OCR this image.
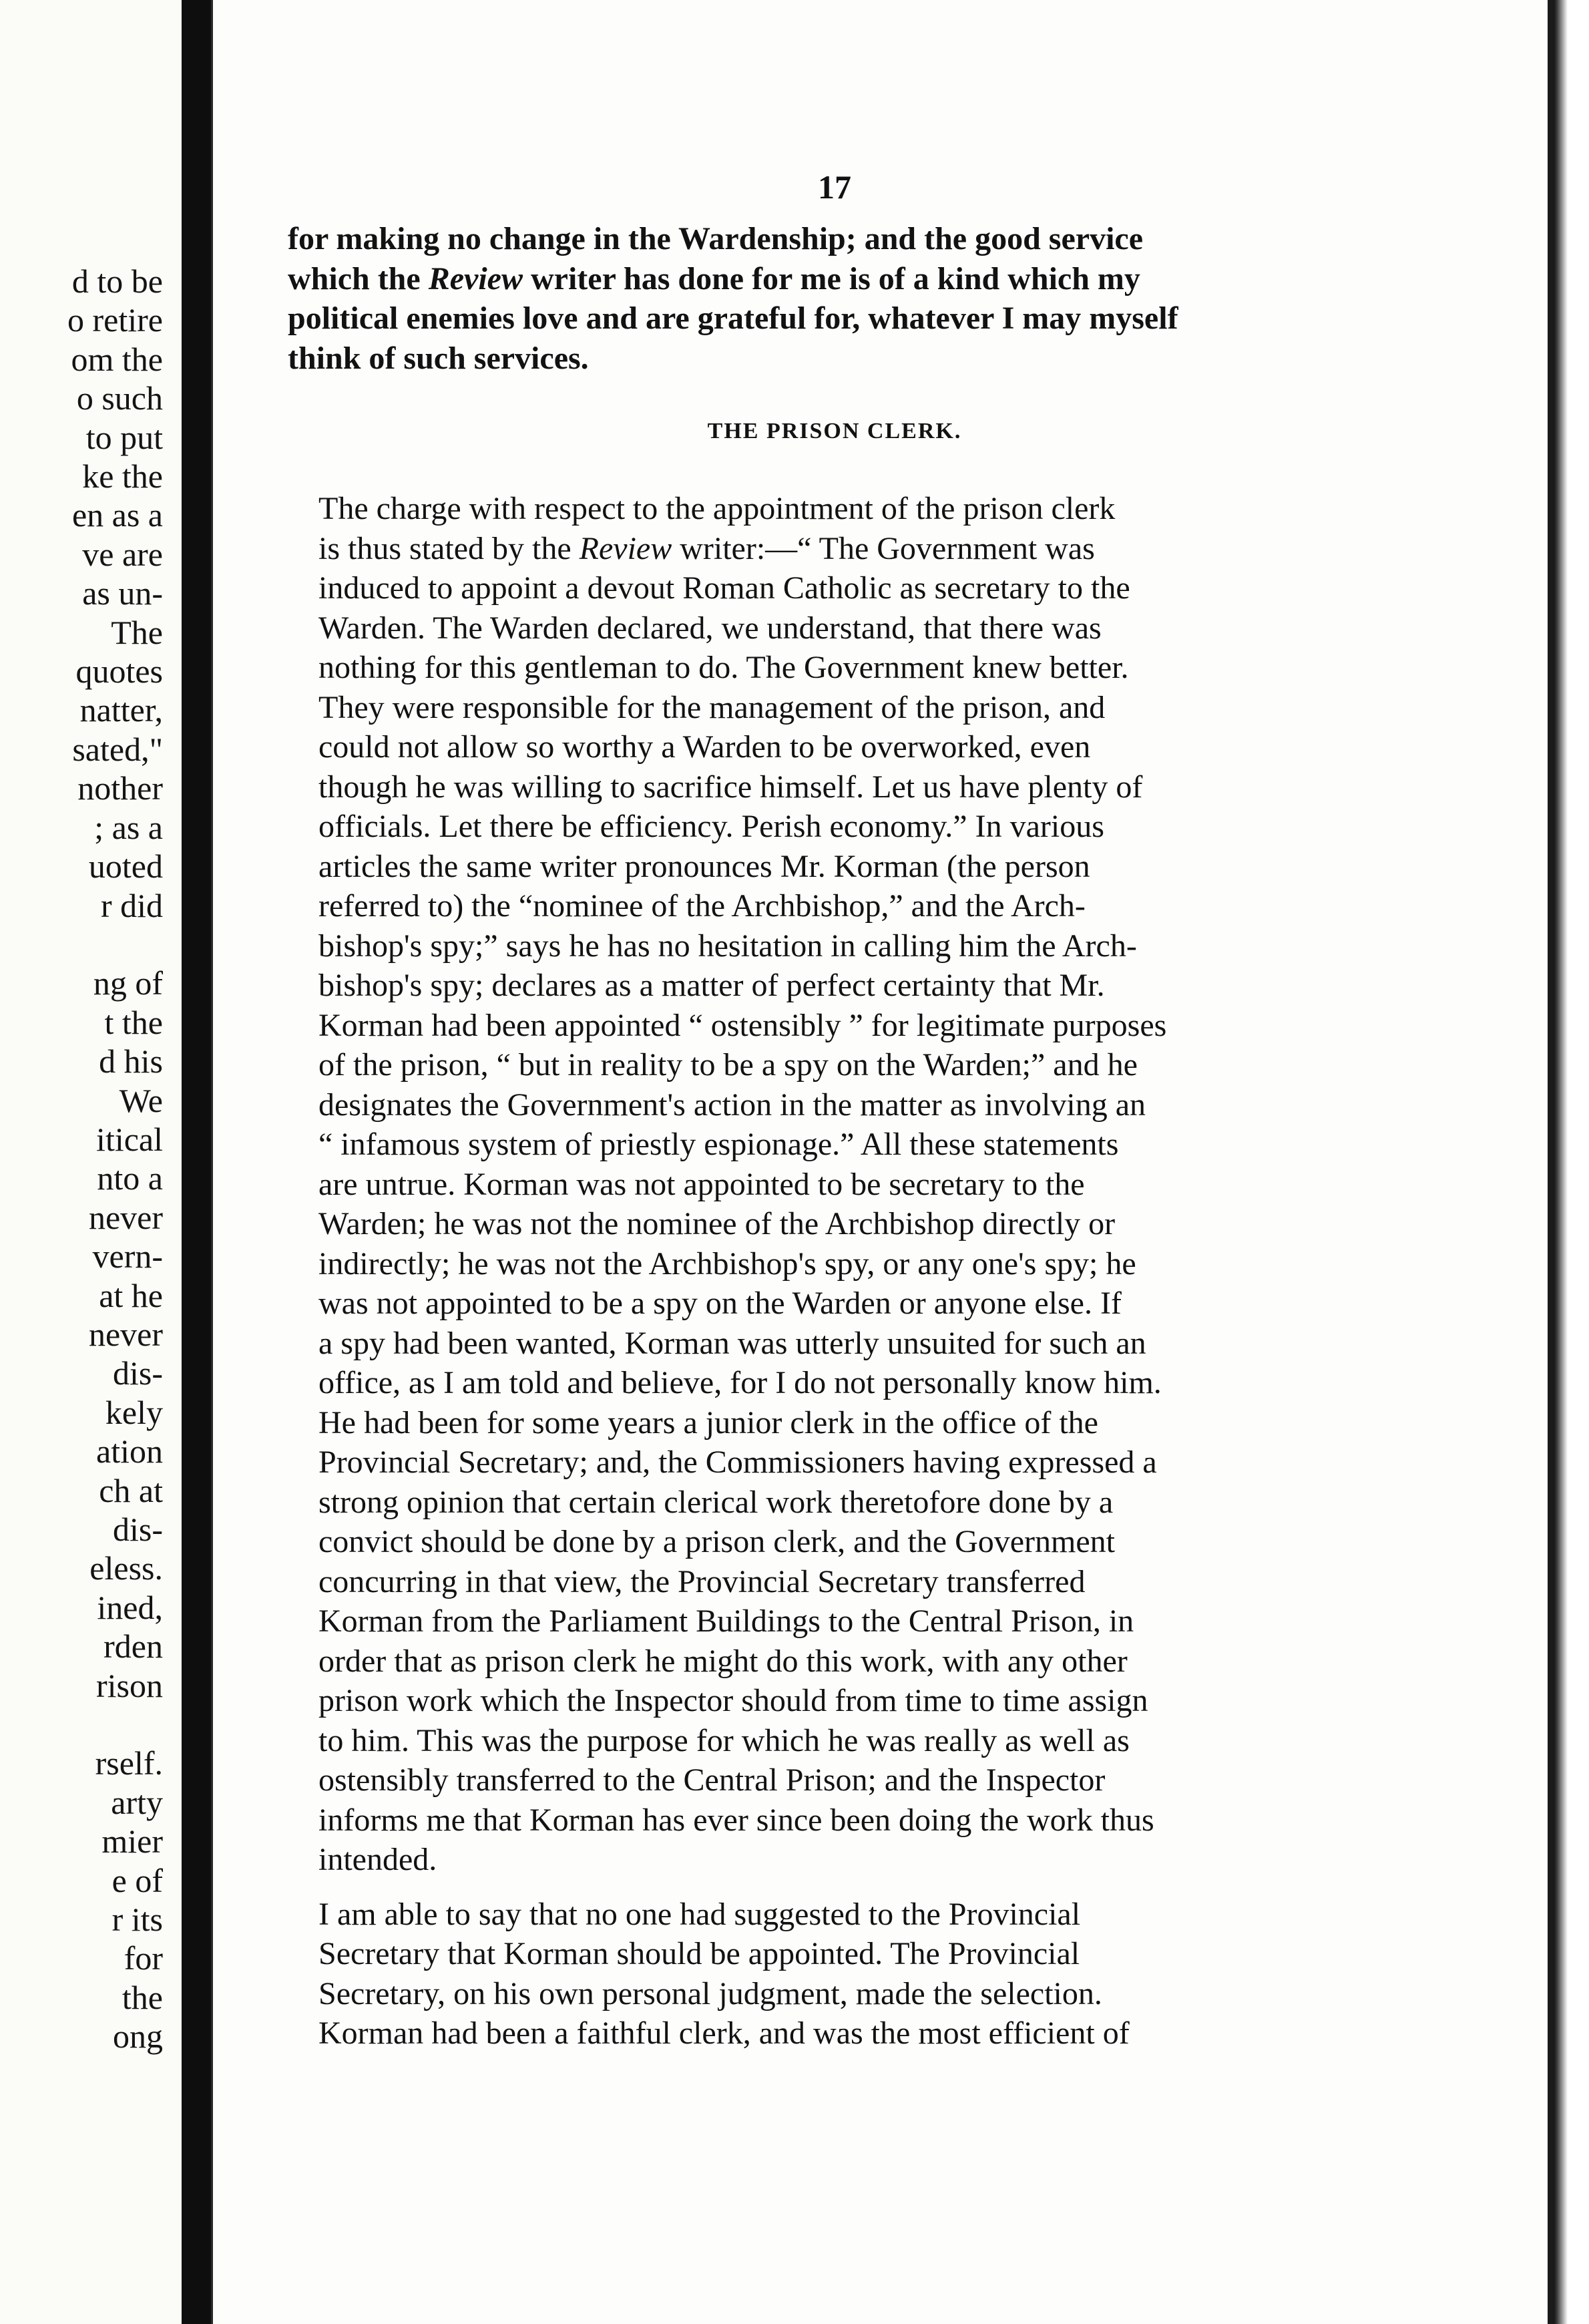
d to be
o retire
om the
o such
to put
ke the
en as a
ve are
as un-
The
quotes
natter,
sated,"
nother
; as a
uoted
r did

ng of
t the
d his
We
itical
nto a
never
vern-
at he
never
dis-
kely
ation
ch at
dis-
eless.
ined,
rden
rison

rself.
arty
mier
e of
r its
for
the
ong
17

for making no change in the Wardenship; and the good service
which the Review writer has done for me is of a kind which my
political enemies love and are grateful for, whatever I may myself
think of such services.

THE PRISON CLERK.

The charge with respect to the appointment of the prison clerk
is thus stated by the Review writer:—“ The Government was
induced to appoint a devout Roman Catholic as secretary to the
Warden. The Warden declared, we understand, that there was
nothing for this gentleman to do. The Government knew better.
They were responsible for the management of the prison, and
could not allow so worthy a Warden to be overworked, even
though he was willing to sacrifice himself. Let us have plenty of
officials. Let there be efficiency. Perish economy.” In various
articles the same writer pronounces Mr. Korman (the person
referred to) the “nominee of the Archbishop,” and the Arch-
bishop's spy;” says he has no hesitation in calling him the Arch-
bishop's spy; declares as a matter of perfect certainty that Mr.
Korman had been appointed “ ostensibly ” for legitimate purposes
of the prison, “ but in reality to be a spy on the Warden;” and he
designates the Government's action in the matter as involving an
“ infamous system of priestly espionage.” All these statements
are untrue. Korman was not appointed to be secretary to the
Warden; he was not the nominee of the Archbishop directly or
indirectly; he was not the Archbishop's spy, or any one's spy; he
was not appointed to be a spy on the Warden or anyone else. If
a spy had been wanted, Korman was utterly unsuited for such an
office, as I am told and believe, for I do not personally know him.
He had been for some years a junior clerk in the office of the
Provincial Secretary; and, the Commissioners having expressed a
strong opinion that certain clerical work theretofore done by a
convict should be done by a prison clerk, and the Government
concurring in that view, the Provincial Secretary transferred
Korman from the Parliament Buildings to the Central Prison, in
order that as prison clerk he might do this work, with any other
prison work which the Inspector should from time to time assign
to him. This was the purpose for which he was really as well as
ostensibly transferred to the Central Prison; and the Inspector
informs me that Korman has ever since been doing the work thus
intended.

I am able to say that no one had suggested to the Provincial
Secretary that Korman should be appointed. The Provincial
Secretary, on his own personal judgment, made the selection.
Korman had been a faithful clerk, and was the most efficient of
